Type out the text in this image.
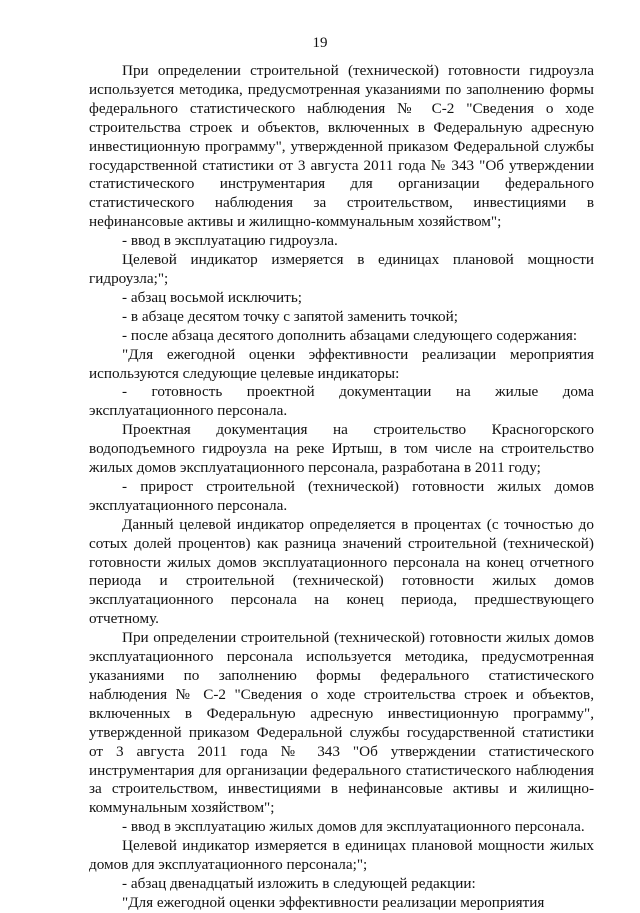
19

При определении строительной (технической) готовности гидроузла используется методика, предусмотренная указаниями по заполнению формы федерального статистического наблюдения № С-2 "Сведения о ходе строительства строек и объектов, включенных в Федеральную адресную инвестиционную программу", утвержденной приказом Федеральной службы государственной статистики от 3 августа 2011 года № 343 "Об утверждении статистического инструментария для организации федерального статистического наблюдения за строительством, инвестициями в нефинансовые активы и жилищно-коммунальным хозяйством";

- ввод в эксплуатацию гидроузла.

Целевой индикатор измеряется в единицах плановой мощности гидроузла;";

- абзац восьмой исключить;

- в абзаце десятом точку с запятой заменить точкой;

- после абзаца десятого дополнить абзацами следующего содержания:

"Для ежегодной оценки эффективности реализации мероприятия используются следующие целевые индикаторы:

- готовность проектной документации на жилые дома эксплуатационного персонала.

Проектная документация на строительство Красногорского водоподъемного гидроузла на реке Иртыш, в том числе на строительство жилых домов эксплуатационного персонала, разработана в 2011 году;

- прирост строительной (технической) готовности жилых домов эксплуатационного персонала.

Данный целевой индикатор определяется в процентах (с точностью до сотых долей процентов) как разница значений строительной (технической) готовности жилых домов эксплуатационного персонала на конец отчетного периода и строительной (технической) готовности жилых домов эксплуатационного персонала на конец периода, предшествующего отчетному.

При определении строительной (технической) готовности жилых домов эксплуатационного персонала используется методика, предусмотренная указаниями по заполнению формы федерального статистического наблюдения № С-2 "Сведения о ходе строительства строек и объектов, включенных в Федеральную адресную инвестиционную программу", утвержденной приказом Федеральной службы государственной статистики от 3 августа 2011 года № 343 "Об утверждении статистического инструментария для организации федерального статистического наблюдения за строительством, инвестициями в нефинансовые активы и жилищно-коммунальным хозяйством";

- ввод в эксплуатацию жилых домов для эксплуатационного персонала.

Целевой индикатор измеряется в единицах плановой мощности жилых домов для эксплуатационного персонала;";

- абзац двенадцатый изложить в следующей редакции:

"Для ежегодной оценки эффективности реализации мероприятия
